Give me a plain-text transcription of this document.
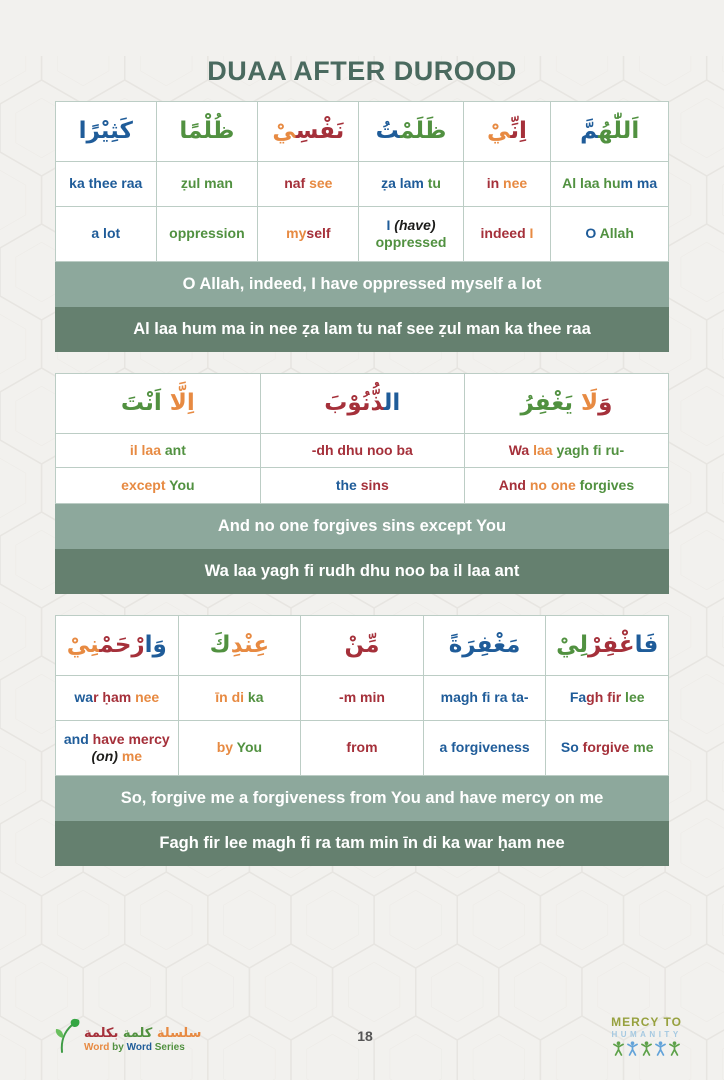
DUAA AFTER DUROOD
كَثِيْرًا	ظُلْمًا	نَفْسِ‍‍يْ	ظَلَمْ‍‍تُ	اِنِّ‍‍يْ	اَللّٰهُ‍‍مَّ
ka thee raa	ẓul man	naf see	ẓa lam tu	in nee	Al laa hum ma
a lot	oppression	myself	I (have) oppressed	indeed I	O Allah
O Allah, indeed, I have oppressed myself a lot
Al laa hum ma in nee ẓa lam tu naf see ẓul man ka thee raa
اِلَّا اَنْتَ	ال‍‍ذُّنُوْبَ	وَلَا يَغْفِرُ
il laa ant	-dh dhu noo ba	Wa laa yagh fi ru-
except You	the sins	And no one forgives
And no one forgives sins except You
Wa laa yagh fi rudh dhu noo ba il laa ant
وَارْحَمْ‍‍نِيْ	عِنْدِكَ	مِّنْ	مَغْفِرَةً	فَاغْفِرْلِيْ
war ḥam nee	īn di ka	-m min	magh fi ra ta-	Fagh fir lee
and have mercy (on) me	by You	from	a forgiveness	So forgive me
So, forgive me a forgiveness from You and have mercy on me
Fagh fir lee magh fi ra tam min īn di ka war ḥam nee
سلسلة كلمة بكلمة
Word by Word Series
18
MERCY TO
HUMANITY
